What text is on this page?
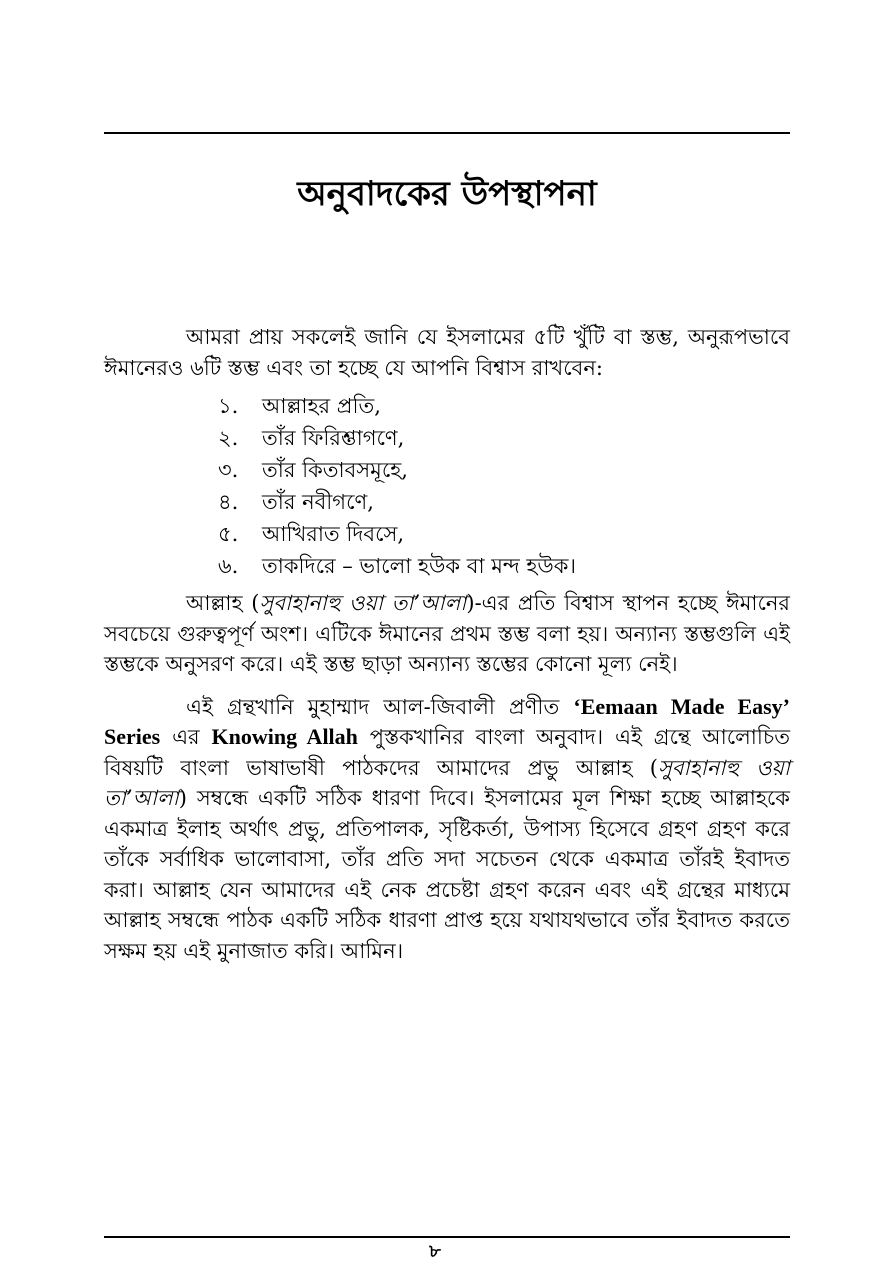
অনুবাদকের উপস্থাপনা

আমরা প্রায় সকলেই জানি যে ইসলামের ৫টি খুঁটি বা স্তম্ভ, অনুরূপভাবে ঈমানেরও ৬টি স্তম্ভ এবং তা হচ্ছে যে আপনি বিশ্বাস রাখবেন:

১.	আল্লাহর প্রতি,
২.	তাঁর ফিরিশ্তাগণে,
৩.	তাঁর কিতাবসমূহে,
৪.	তাঁর নবীগণে,
৫.	আখিরাত দিবসে,
৬.	তাকদিরে – ভালো হউক বা মন্দ হউক।

আল্লাহ (সুবাহানাহু ওয়া তা’আলা)-এর প্রতি বিশ্বাস স্থাপন হচ্ছে ঈমানের সবচেয়ে গুরুত্বপূর্ণ অংশ। এটিকে ঈমানের প্রথম স্তম্ভ বলা হয়। অন্যান্য স্তম্ভগুলি এই স্তম্ভকে অনুসরণ করে। এই স্তম্ভ ছাড়া অন্যান্য স্তম্ভের কোনো মূল্য নেই।

এই গ্রন্থখানি মুহাম্মাদ আল-জিবালী প্রণীত ‘Eemaan Made Easy’ Series এর Knowing Allah পুস্তকখানির বাংলা অনুবাদ। এই গ্রন্থে আলোচিত বিষয়টি বাংলা ভাষাভাষী পাঠকদের আমাদের প্রভু আল্লাহ (সুবাহানাহু ওয়া তা’আলা) সম্বন্ধে একটি সঠিক ধারণা দিবে। ইসলামের মূল শিক্ষা হচ্ছে আল্লাহকে একমাত্র ইলাহ অর্থাৎ প্রভু, প্রতিপালক, সৃষ্টিকর্তা, উপাস্য হিসেবে গ্রহণ গ্রহণ করে তাঁকে সর্বাধিক ভালোবাসা, তাঁর প্রতি সদা সচেতন থেকে একমাত্র তাঁরই ইবাদত করা। আল্লাহ যেন আমাদের এই নেক প্রচেষ্টা গ্রহণ করেন এবং এই গ্রন্থের মাধ্যমে আল্লাহ সম্বন্ধে পাঠক একটি সঠিক ধারণা প্রাপ্ত হয়ে যথাযথভাবে তাঁর ইবাদত করতে সক্ষম হয় এই মুনাজাত করি। আমিন।

৮
